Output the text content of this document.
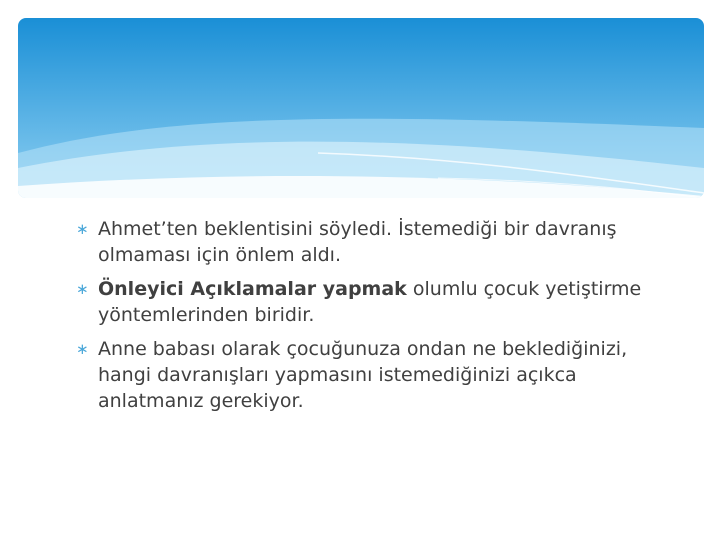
∗ Ahmet’ten beklentisini söyledi. İstemediği bir davranış olmaması için önlem aldı.
∗ Önleyici Açıklamalar yapmak olumlu çocuk yetiştirme yöntemlerinden biridir.
∗ Anne babası olarak çocuğunuza ondan ne beklediğinizi, hangi davranışları yapmasını istemediğinizi açıkca anlatmanız gerekiyor.
